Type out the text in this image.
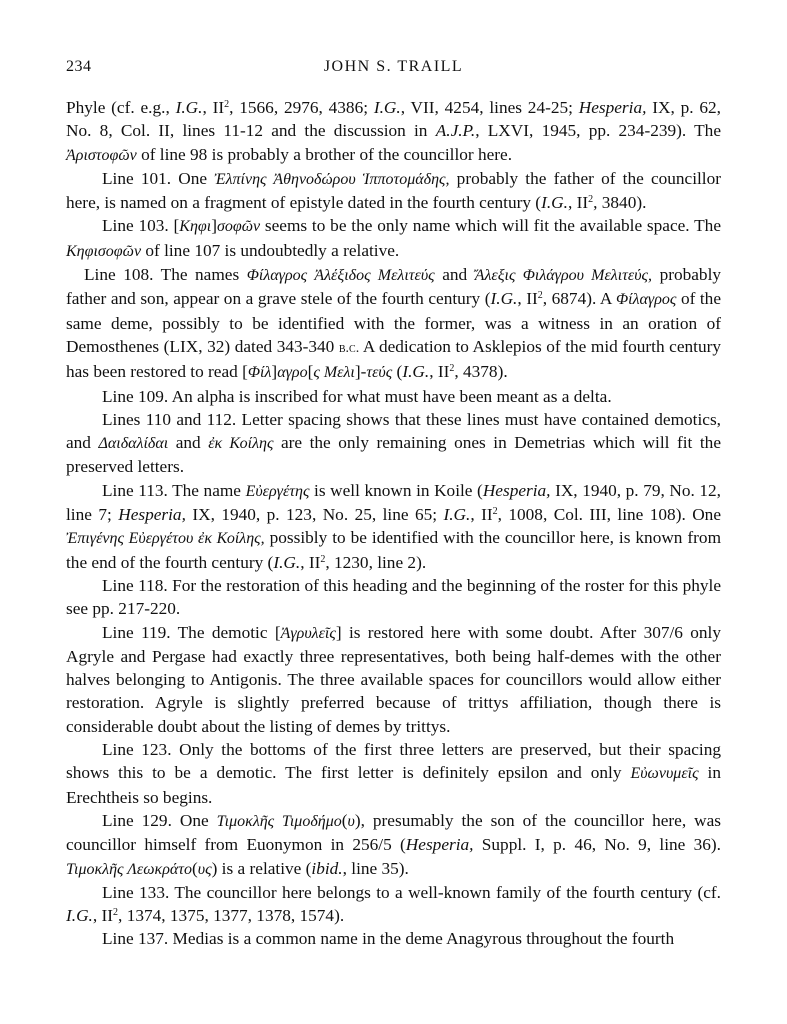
234	JOHN S. TRAILL

Phyle (cf. e.g., I.G., $II^2$, 1566, 2976, 4386; I.G., VII, 4254, lines 24-25; Hesperia, IX, p. 62, No. 8, Col. II, lines 11-12 and the discussion in A.J.P., LXVI, 1945, pp. 234-239). The Ἀριστοφῶν of line 98 is probably a brother of the councillor here.

Line 101. One Ἐλπίνης Ἀθηνοδώρου Ἱπποτομάδης, probably the father of the councillor here, is named on a fragment of epistyle dated in the fourth century (I.G., $II^2$, 3840).

Line 103. [Κηφι]σοφῶν seems to be the only name which will fit the available space. The Κηφισοφῶν of line 107 is undoubtedly a relative.

Line 108. The names Φίλαγρος Ἀλέξιδος Μελιτεύς and Ἄλεξις Φιλάγρου Μελιτεύς, probably father and son, appear on a grave stele of the fourth century (I.G., $II^2$, 6874). A Φίλαγρος of the same deme, possibly to be identified with the former, was a witness in an oration of Demosthenes (LIX, 32) dated 343-340 b.c. A dedication to Asklepios of the mid fourth century has been restored to read [Φίλ]αγρο[ς Μελι]-τεύς (I.G., $II^2$, 4378).

Line 109. An alpha is inscribed for what must have been meant as a delta.

Lines 110 and 112. Letter spacing shows that these lines must have contained demotics, and Δαιδαλίδαι and ἐκ Κοίλης are the only remaining ones in Demetrias which will fit the preserved letters.

Line 113. The name Εὐεργέτης is well known in Koile (Hesperia, IX, 1940, p. 79, No. 12, line 7; Hesperia, IX, 1940, p. 123, No. 25, line 65; I.G., $II^2$, 1008, Col. III, line 108). One Ἐπιγένης Εὐεργέτου ἐκ Κοίλης, possibly to be identified with the councillor here, is known from the end of the fourth century (I.G., $II^2$, 1230, line 2).

Line 118. For the restoration of this heading and the beginning of the roster for this phyle see pp. 217-220.

Line 119. The demotic [Ἀγρυλεῖς] is restored here with some doubt. After 307/6 only Agryle and Pergase had exactly three representatives, both being half-demes with the other halves belonging to Antigonis. The three available spaces for councillors would allow either restoration. Agryle is slightly preferred because of trittys affiliation, though there is considerable doubt about the listing of demes by trittys.

Line 123. Only the bottoms of the first three letters are preserved, but their spacing shows this to be a demotic. The first letter is definitely epsilon and only Εὐωνυμεῖς in Erechtheis so begins.

Line 129. One Τιμοκλῆς Τιμοδήμο(υ), presumably the son of the councillor here, was councillor himself from Euonymon in 256/5 (Hesperia, Suppl. I, p. 46, No. 9, line 36). Τιμοκλῆς Λεωκράτο(υς) is a relative (ibid., line 35).

Line 133. The councillor here belongs to a well-known family of the fourth century (cf. I.G., $II^2$, 1374, 1375, 1377, 1378, 1574).

Line 137. Medias is a common name in the deme Anagyrous throughout the fourth
